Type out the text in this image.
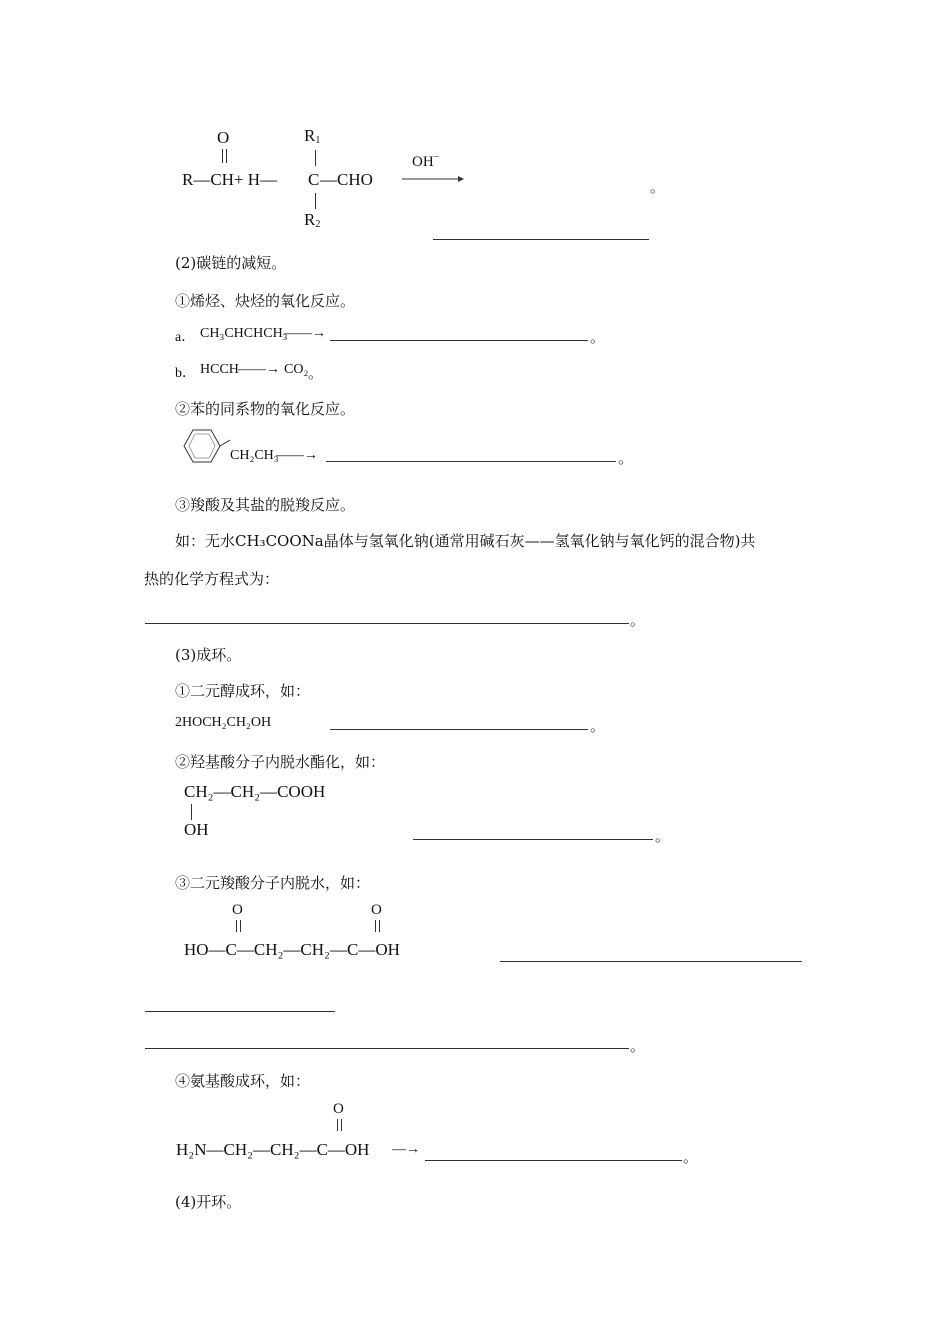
O	$R_1$
R—CH+ H— C —CHO
$R_2$
OH−
。
(2)碳链的减短。
①烯烃、炔烃的氧化反应。
a． CH₃CHCHCH₃
——→	。
b． HCCH ——→ CO₂ 。
②苯的同系物的氧化反应。
CH₂CH₃
——→	。
③羧酸及其盐的脱羧反应。
如：无水CH₃COONa晶体与氢氧化钠(通常用碱石灰——氢氧化钠与氧化钙的混合物)共
热的化学方程式为：
。
(3)成环。
①二元醇成环，如：
2HOCH₂CH₂OH	。
②羟基酸分子内脱水酯化，如：
CH₂—CH₂—COOH
OH	。
③二元羧酸分子内脱水，如：
O	O
HO—C—CH₂—CH₂—C—OH
。
④氨基酸成环，如：
O
H₂N—CH₂—CH₂—C—OH —→	。
(4)开环。
